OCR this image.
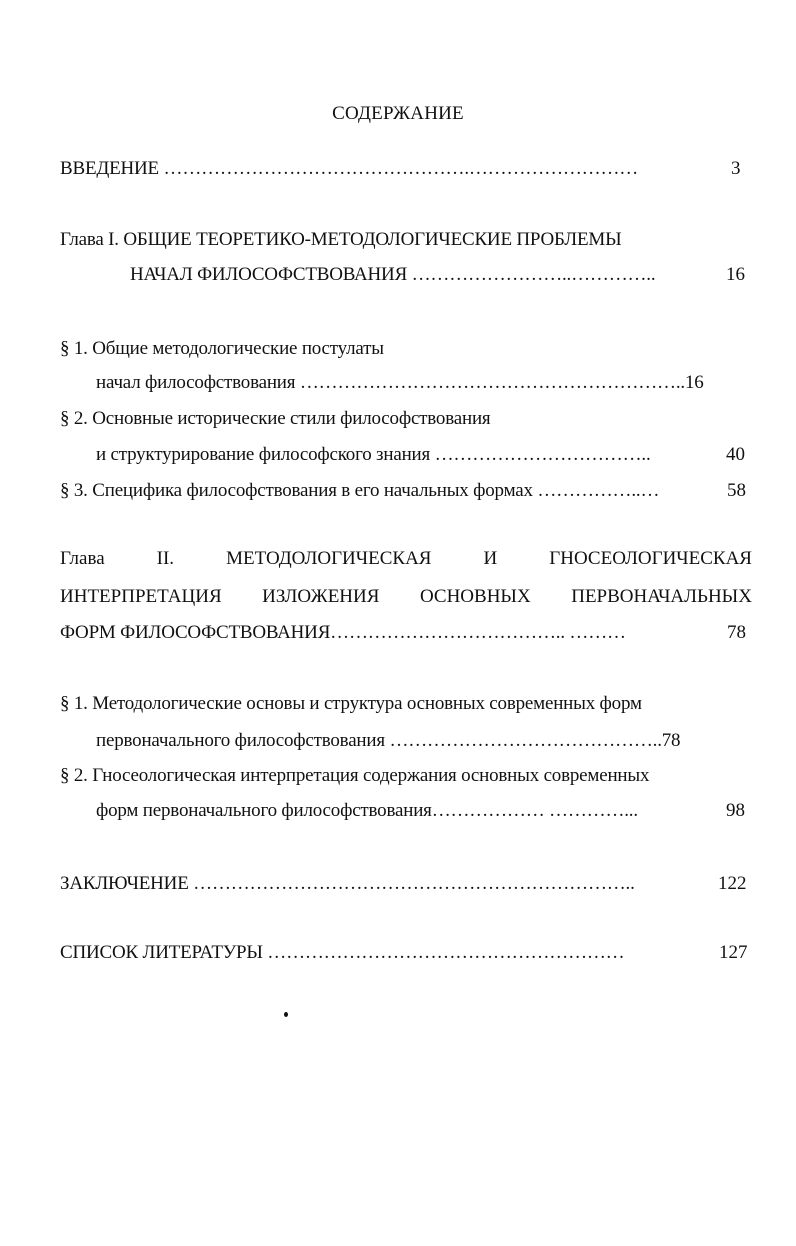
СОДЕРЖАНИЕ
ВВЕДЕНИЕ ………………………………………….………………………	3
Глава I. ОБЩИЕ ТЕОРЕТИКО-МЕТОДОЛОГИЧЕСКИЕ ПРОБЛЕМЫ
НАЧАЛ ФИЛОСОФСТВОВАНИЯ ……………………..…………..	16
§ 1. Общие методологические постулаты
начал философствования ……………………………………………………..16
§ 2. Основные исторические стили философствования
и структурирование философского знания ……………………………..	40
§ 3. Специфика философствования в его начальных формах ……………..…	58
Глава	II.	МЕТОДОЛОГИЧЕСКАЯ	И	ГНОСЕОЛОГИЧЕСКАЯ
ИНТЕРПРЕТАЦИЯ ИЗЛОЖЕНИЯ ОСНОВНЫХ ПЕРВОНАЧАЛЬНЫХ
ФОРМ ФИЛОСОФСТВОВАНИЯ……………………………….. ………	78
§ 1. Методологические основы и структура основных современных форм
первоначального философствования ……………………………………..78
§ 2. Гносеологическая интерпретация содержания основных современных
форм первоначального философствования……………… …………...	98
ЗАКЛЮЧЕНИЕ ……………………………………………………………..	122
СПИСОК ЛИТЕРАТУРЫ …………………………………………………	127
